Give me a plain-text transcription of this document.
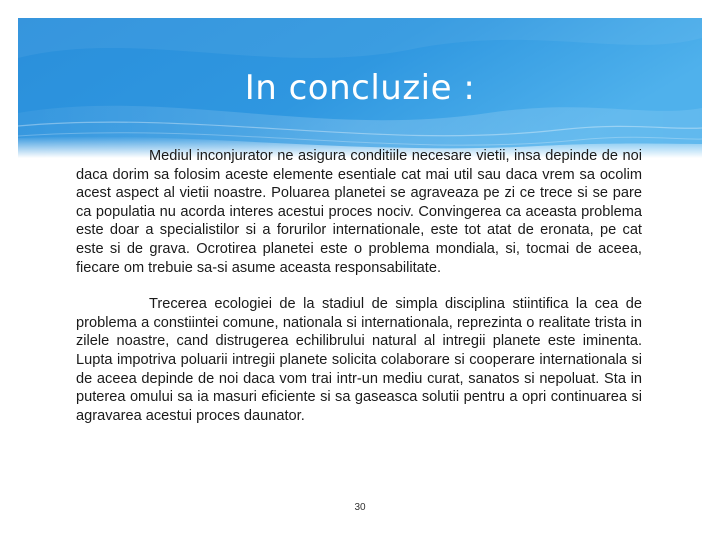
In concluzie :

Mediul inconjurator ne asigura conditiile necesare vietii, insa depinde de noi daca dorim sa folosim aceste elemente esentiale cat mai util sau daca vrem sa ocolim acest aspect al vietii noastre. Poluarea planetei se agraveaza pe zi ce trece si se pare ca populatia nu acorda interes acestui proces nociv. Convingerea ca aceasta problema este doar a specialistilor si a forurilor internationale, este tot atat de eronata, pe cat este si de grava. Ocrotirea planetei este o problema mondiala, si, tocmai de aceea, fiecare om trebuie sa-si asume aceasta responsabilitate.

Trecerea ecologiei de la stadiul de simpla disciplina stiintifica la cea de problema a constiintei comune, nationala si internationala, reprezinta o realitate trista in zilele noastre, cand distrugerea echilibrului natural al intregii planete este iminenta. Lupta impotriva poluarii intregii planete solicita colaborare si cooperare internationala si de aceea depinde de noi daca vom trai intr-un mediu curat, sanatos si nepoluat. Sta in puterea omului sa ia masuri eficiente si sa gaseasca solutii pentru a opri continuarea si agravarea acestui proces daunator.

30
